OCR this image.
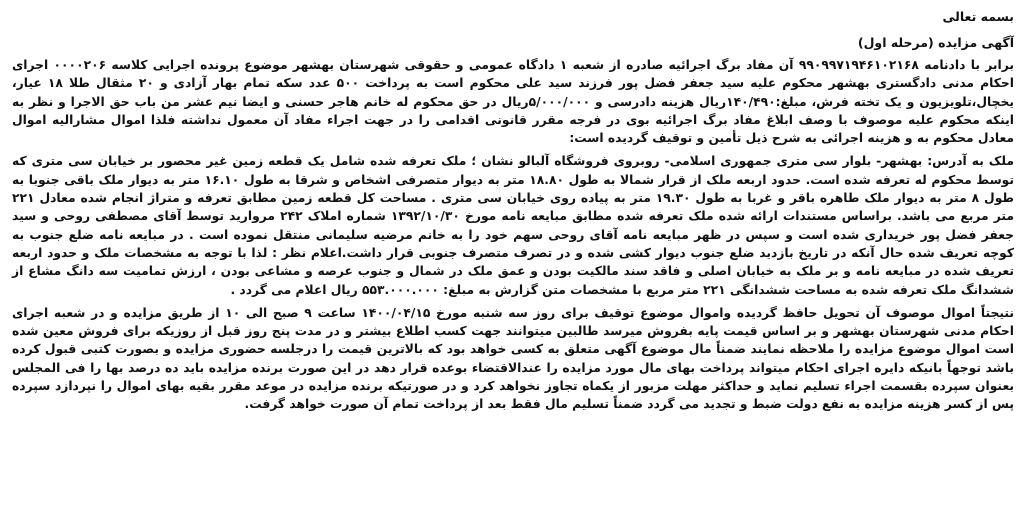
بسمه تعالی

آگهی مزایده (مرحله اول)

برابر با دادنامه ۹۹۰۹۹۷۱۹۴۶۱۰۲۱۶۸ آن مفاد برگ اجرائیه صادره از شعبه ۱ دادگاه عمومی و حقوقی شهرستان بهشهر موضوع پرونده اجرایی کلاسه ۰۰۰۰۲۰۶ اجرای احکام مدنی دادگستری بهشهر محکوم علیه سید جعفر فضل پور فرزند سید علی محکوم است به پرداخت ۵۰۰ عدد سکه تمام بهار آزادی و ۲۰ مثقال طلا ۱۸ عیار، یخچال،تلویزیون و یک تخته فرش، مبلغ:۱۴۰/۴۹۰ریال هزینه دادرسی و ۵/۰۰۰/۰۰۰ریال در حق محکوم له خانم هاجر حسنی و ایضا نیم عشر من باب حق الاجرا و نظر به اینکه محکوم علیه موصوف با وصف ابلاغ مفاد برگ اجرائیه بوی در فرجه مقرر قانونی اقدامی را در جهت اجراء مفاد آن معمول نداشته فلذا اموال مشارالیه اموال معادل محکوم به و هزینه اجرائی به شرح ذیل تأمین و توقیف گردیده است:

ملک به آدرس: بهشهر- بلوار سی متری جمهوری اسلامی- روبروی فروشگاه آلبالو نشان ؛ ملک تعرفه شده شامل یک قطعه زمین غیر محصور بر خیابان سی متری که توسط محکوم له تعرفه شده است. حدود اربعه ملک از قرار شمالا به طول ۱۸.۸۰ متر به دیوار متصرفی اشخاص و شرقا به طول ۱۶.۱۰ متر به دیوار ملک باقی جنوبا به طول ۸ متر به دیوار ملک طاهره باقر و غربا به طول ۱۹.۳۰ متر به پیاده روی خیابان سی متری . مساحت کل قطعه زمین مطابق تعرفه و متراژ انجام شده معادل ۲۲۱ متر مربع می باشد. براساس مستندات ارائه شده ملک تعرفه شده مطابق مبایعه نامه مورخ ۱۳۹۲/۱۰/۳۰ شماره املاک ۲۴۲ مرواريد توسط آقای مصطفی روحی و سید جعفر فضل پور خریداری شده است و سپس در ظهر مبایعه نامه آقای روحی سهم خود را به خانم مرضیه سلیمانی منتقل نموده است . در مبایعه نامه ضلع جنوب به کوچه تعریف شده حال آنکه در تاریخ بازدید ضلع جنوب دیوار کشی شده و در تصرف متصرف جنوبی قرار داشت.اعلام نظر : لذا با توجه به مشخصات ملک و حدود اربعه تعریف شده در مبایعه نامه و بر ملک به خیابان اصلی و فاقد سند مالکیت بودن و عمق ملک در شمال و جنوب عرصه و مشاعی بودن ، ارزش تمامیت سه دانگ مشاع از ششدانگ ملک تعرفه شده به مساحت ششدانگی ۲۲۱ متر مربع با مشخصات متن گزارش به مبلغ: ۵۵۳.۰۰۰.۰۰۰ ریال اعلام می گردد .

نتیجتاً اموال موصوف آن تحویل حافظ گردیده واموال موضوع توقیف برای روز سه شنبه مورخ ۱۴۰۰/۰۴/۱۵ ساعت ۹ صبح الی ۱۰ از طریق مزایده و در شعبه اجرای احکام مدنی شهرستان بهشهر و بر اساس قیمت پایه بفروش میرسد طالبین میتوانند جهت کسب اطلاع بیشتر و در مدت پنج روز قبل از روزیکه برای فروش معین شده است اموال موضوع مزایده را ملاحظه نمایند ضمناً مال موضوع آگهی متعلق به کسی خواهد بود که بالاترین قیمت را درجلسه حضوری مزایده و بصورت کتبی قبول کرده باشد توجهاً بانیکه دایره اجرای احکام میتواند پرداخت بهای مال مورد مزایده را عندالاقتضاء بوعده قرار دهد در این صورت برنده مزایده باید ده درصد بها را فی المجلس بعنوان سپرده بقسمت اجراء تسلیم نماید و حداکثر مهلت مزبور از یکماه تجاوز نخواهد کرد و در صورتیکه برنده مزایده در موعد مقرر بقیه بهای اموال را نپردازد سپرده پس از کسر هزینه مزایده به نفع دولت ضبط و تجدید می گردد ضمناً تسلیم مال فقط بعد از پرداخت تمام آن صورت خواهد گرفت.
